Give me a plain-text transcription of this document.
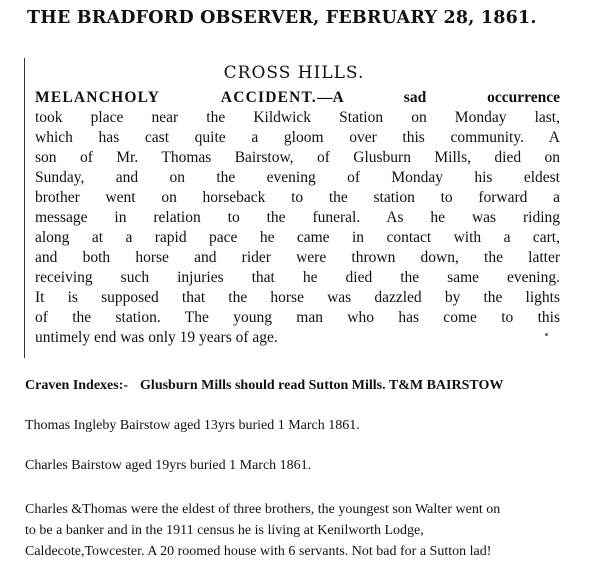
THE BRADFORD OBSERVER, FEBRUARY 28, 1861.
CROSS HILLS.
MELANCHOLY ACCIDENT.—A sad occurrence
took place near the Kildwick Station on Monday last,
which has cast quite a gloom over this community. A
son of Mr. Thomas Bairstow, of Glusburn Mills, died on
Sunday, and on the evening of Monday his eldest
brother went on horseback to the station to forward a
message in relation to the funeral. As he was riding
along at a rapid pace he came in contact with a cart,
and both horse and rider were thrown down, the latter
receiving such injuries that he died the same evening.
It is supposed that the horse was dazzled by the lights
of the station. The young man who has come to this
untimely end was only 19 years of age.
Craven Indexes:- Glusburn Mills should read Sutton Mills. T&M BAIRSTOW
Thomas Ingleby Bairstow aged 13yrs buried 1 March 1861.
Charles Bairstow aged 19yrs buried 1 March 1861.
Charles &Thomas were the eldest of three brothers, the youngest son Walter went on
to be a banker and in the 1911 census he is living at Kenilworth Lodge,
Caldecote,Towcester. A 20 roomed house with 6 servants. Not bad for a Sutton lad!
